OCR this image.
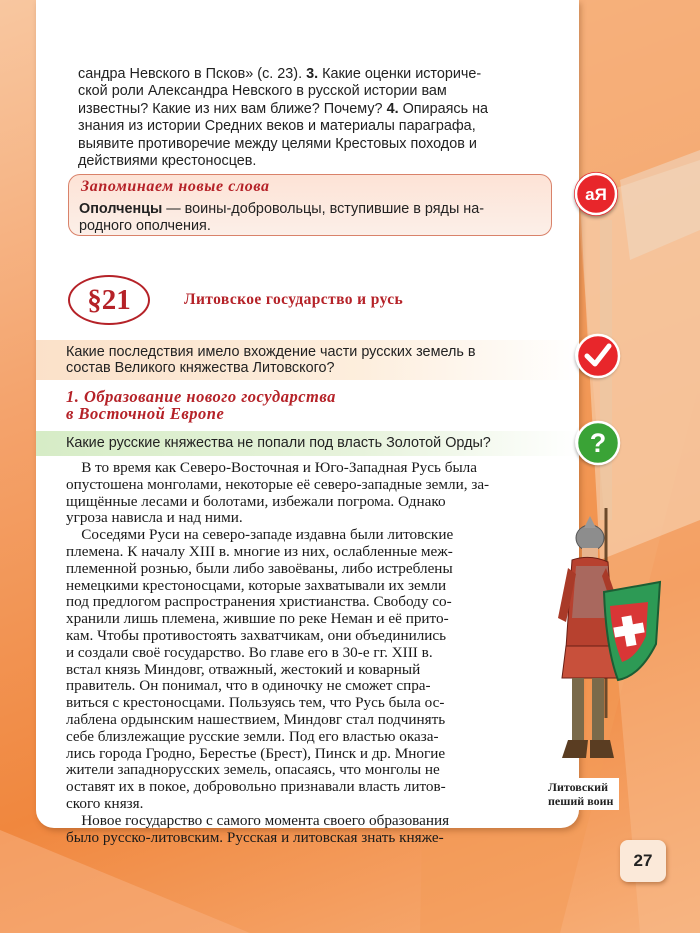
сандра Невского в Псков» (с. 23). 3. Какие оценки историче-
ской роли Александра Невского в русской истории вам
известны? Какие из них вам ближе? Почему? 4. Опираясь на
знания из истории Средних веков и материалы параграфа,
выявите противоречие между целями Крестовых походов и
действиями крестоносцев.
Запоминаем новые слова
Ополченцы — воины-добровольцы, вступившие в ряды на-
родного ополчения.
аЯ
§21	Литовское государство и русь
Какие последствия имело вхождение части русских земель в
состав Великого княжества Литовского?
1. Образование нового государства
в Восточной Европе
Какие русские княжества не попали под власть Золотой Орды?	?
В то время как Северо-Восточная и Юго-Западная Русь была
опустошена монголами, некоторые её северо-западные земли, за-
щищённые лесами и болотами, избежали погрома. Однако
угроза нависла и над ними.
Соседями Руси на северо-западе издавна были литовские
племена. К началу XIII в. многие из них, ослабленные меж-
племенной рознью, были либо завоёваны, либо истреблены
немецкими крестоносцами, которые захватывали их земли
под предлогом распространения христианства. Свободу со-
хранили лишь племена, жившие по реке Неман и её прито-
кам. Чтобы противостоять захватчикам, они объединились
и создали своё государство. Во главе его в 30-е гг. XIII в.
встал князь Миндовг, отважный, жестокий и коварный
правитель. Он понимал, что в одиночку не сможет спра-
виться с крестоносцами. Пользуясь тем, что Русь была ос-
лаблена ордынским нашествием, Миндовг стал подчинять
себе близлежащие русские земли. Под его властью оказа-
лись города Гродно, Берестье (Брест), Пинск и др. Многие
жители западнорусских земель, опасаясь, что монголы не
оставят их в покое, добровольно признавали власть литов-
ского князя.
Новое государство с самого момента своего образования
было русско-литовским. Русская и литовская знать княже-
Литовский
пеший воин
27
